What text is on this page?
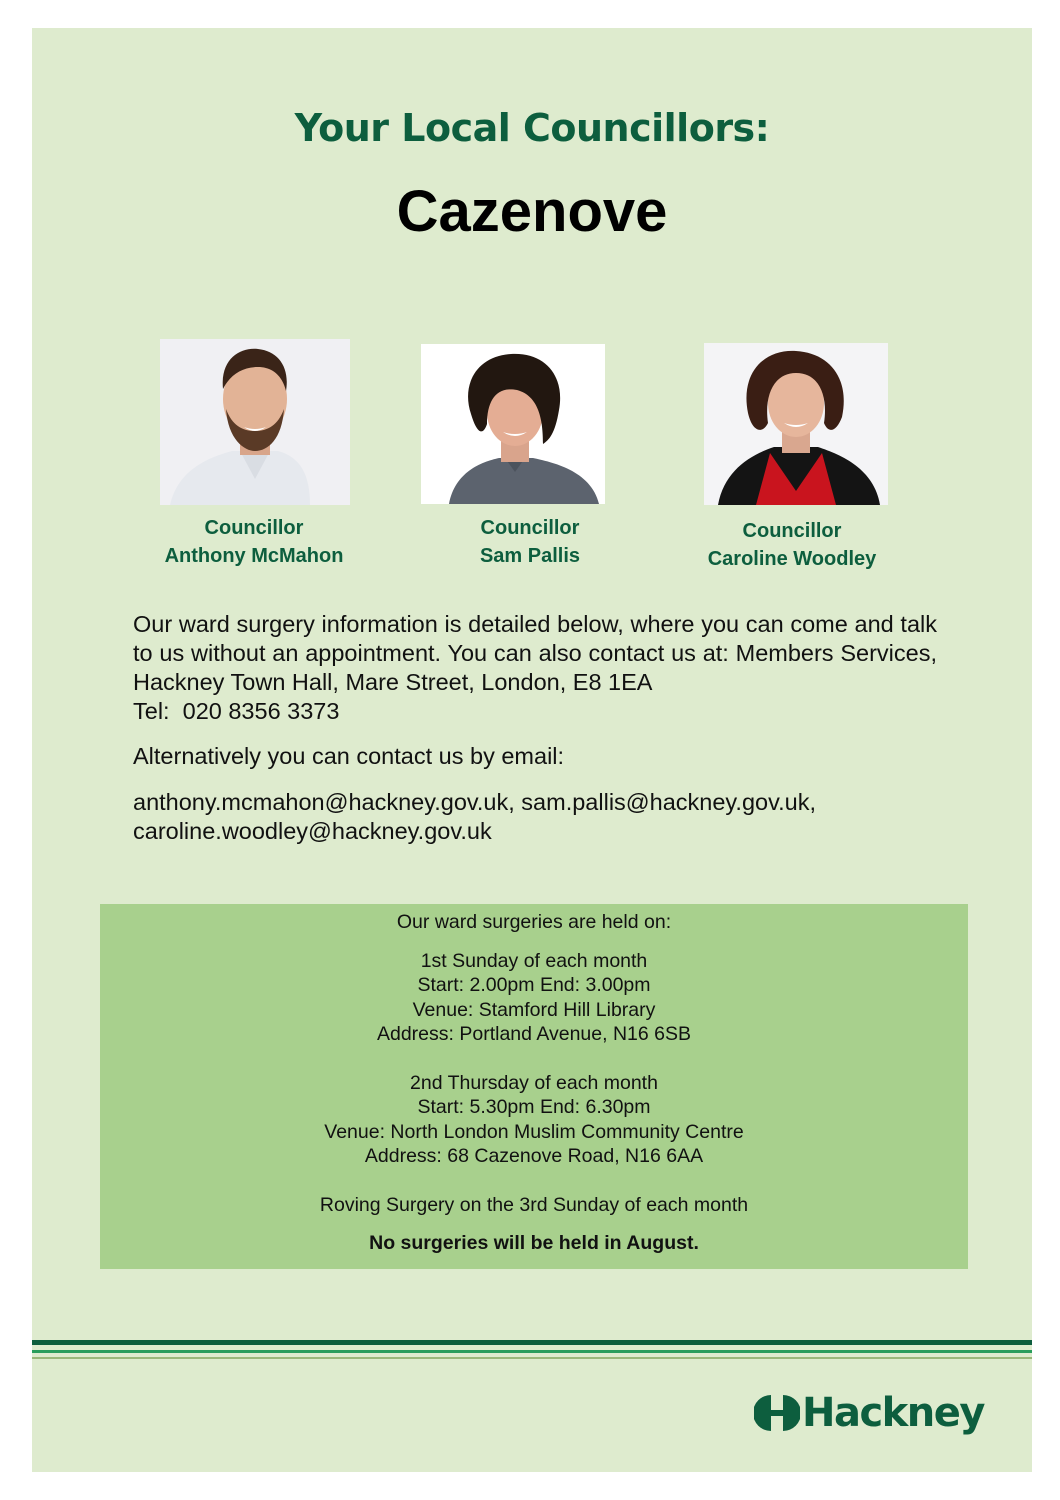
Your Local Councillors:
Cazenove
Councillor
Anthony McMahon
Councillor
Sam Pallis
Councillor
Caroline Woodley
Our ward surgery information is detailed below, where you can come and talk to us without an appointment. You can also contact us at: Members Services, Hackney Town Hall, Mare Street, London, E8 1EA
Tel:  020 8356 3373
Alternatively you can contact us by email:
anthony.mcmahon@hackney.gov.uk, sam.pallis@hackney.gov.uk,
caroline.woodley@hackney.gov.uk
Our ward surgeries are held on:
1st Sunday of each month
Start: 2.00pm End: 3.00pm
Venue: Stamford Hill Library
Address: Portland Avenue, N16 6SB
2nd Thursday of each month
Start: 5.30pm End: 6.30pm
Venue: North London Muslim Community Centre
Address: 68 Cazenove Road, N16 6AA
Roving Surgery on the 3rd Sunday of each month
No surgeries will be held in August.
Hackney
